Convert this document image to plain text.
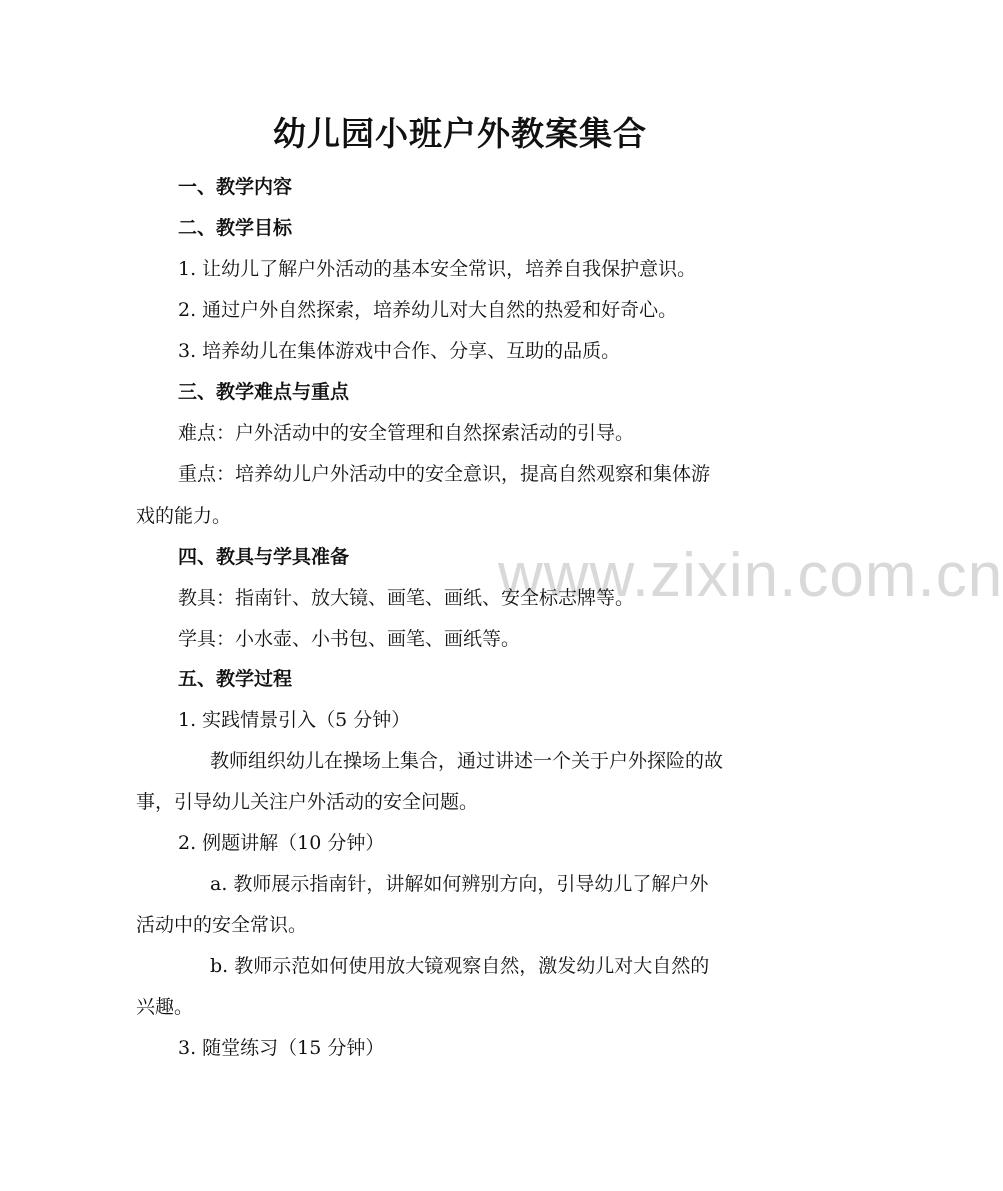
www.zixin.com.cn

幼儿园小班户外教案集合

一、教学内容

二、教学目标

1. 让幼儿了解户外活动的基本安全常识，培养自我保护意识。

2. 通过户外自然探索，培养幼儿对大自然的热爱和好奇心。

3. 培养幼儿在集体游戏中合作、分享、互助的品质。

三、教学难点与重点

难点：户外活动中的安全管理和自然探索活动的引导。

重点：培养幼儿户外活动中的安全意识，提高自然观察和集体游

戏的能力。

四、教具与学具准备

教具：指南针、放大镜、画笔、画纸、安全标志牌等。

学具：小水壶、小书包、画笔、画纸等。

五、教学过程

1. 实践情景引入（5 分钟）

教师组织幼儿在操场上集合，通过讲述一个关于户外探险的故

事，引导幼儿关注户外活动的安全问题。

2. 例题讲解（10 分钟）

a. 教师展示指南针，讲解如何辨别方向，引导幼儿了解户外

活动中的安全常识。

b. 教师示范如何使用放大镜观察自然，激发幼儿对大自然的

兴趣。

3. 随堂练习（15 分钟）
